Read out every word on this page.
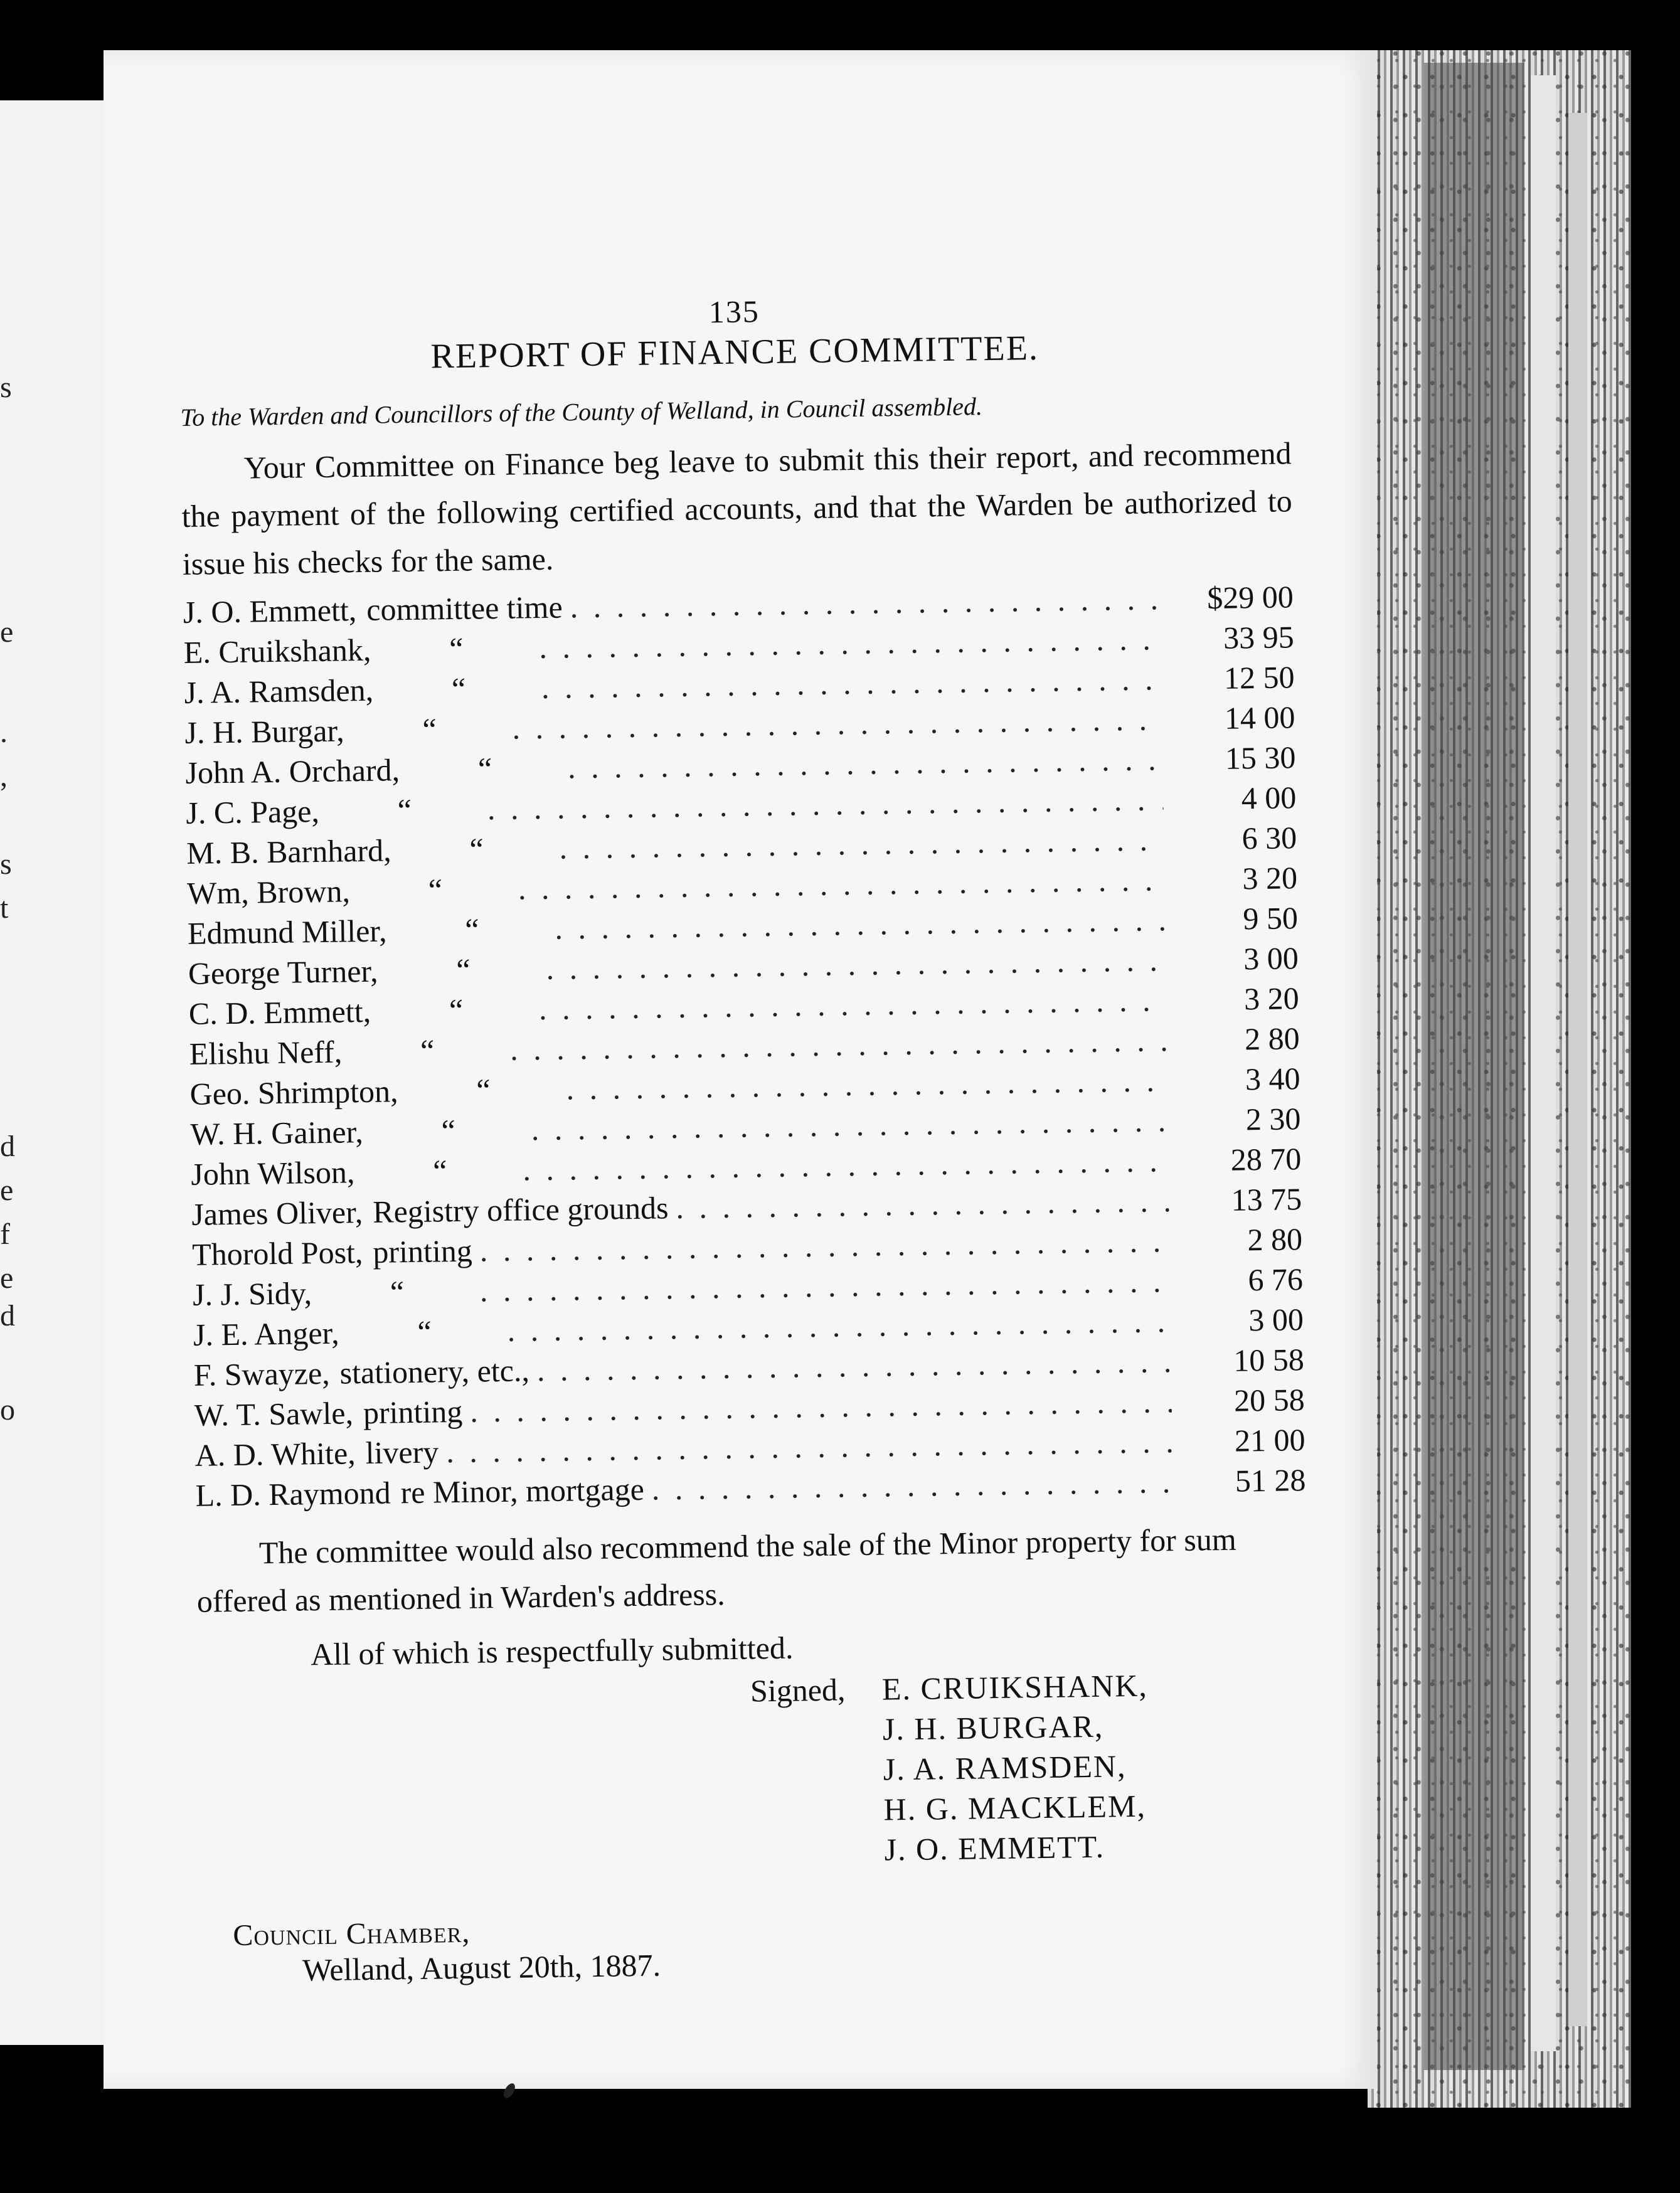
s
e
.
,
s
t
d
e
f
e
d
o
135
REPORT OF FINANCE COMMITTEE.

To the Warden and Councillors of the County of Welland, in Council assembled.

Your Committee on Finance beg leave to submit this their report, and recommend the payment of the following certified accounts, and that the Warden be authorized to issue his checks for the same.

J. O. Emmett, committee time . . .	$29 00
E. Cruikshank,	“ . . .	33 95
J. A. Ramsden,	“ . . .	12 50
J. H. Burgar,	“ . . .	14 00
John A. Orchard,	“ . . .	15 30
J. C. Page,	“ . . .	4 00
M. B. Barnhard,	“ . . .	6 30
Wm, Brown,	“ . . .	3 20
Edmund Miller,	“ . . .	9 50
George Turner,	“ . . .	3 00
C. D. Emmett,	“ . . .	3 20
Elishu Neff,	“ . . .	2 80
Geo. Shrimpton,	“ . . .	3 40
W. H. Gainer,	“ . . .	2 30
John Wilson,	“ . . .	28 70
James Oliver, Registry office grounds . . .	13 75
Thorold Post, printing . . .	2 80
J. J. Sidy,	“ . . .	6 76
J. E. Anger,	“ . . .	3 00
F. Swayze, stationery, etc., . . .	10 58
W. T. Sawle, printing . . .	20 58
A. D. White, livery . . .	21 00
L. D. Raymond re Minor, mortgage . . .	51 28

The committee would also recommend the sale of the Minor property for sum offered as mentioned in Warden's address.

All of which is respectfully submitted.

Signed,	E. CRUIKSHANK,
J. H. BURGAR,
J. A. RAMSDEN,
H. G. MACKLEM,
J. O. EMMETT.
Council Chamber,
Welland, August 20th, 1887.
